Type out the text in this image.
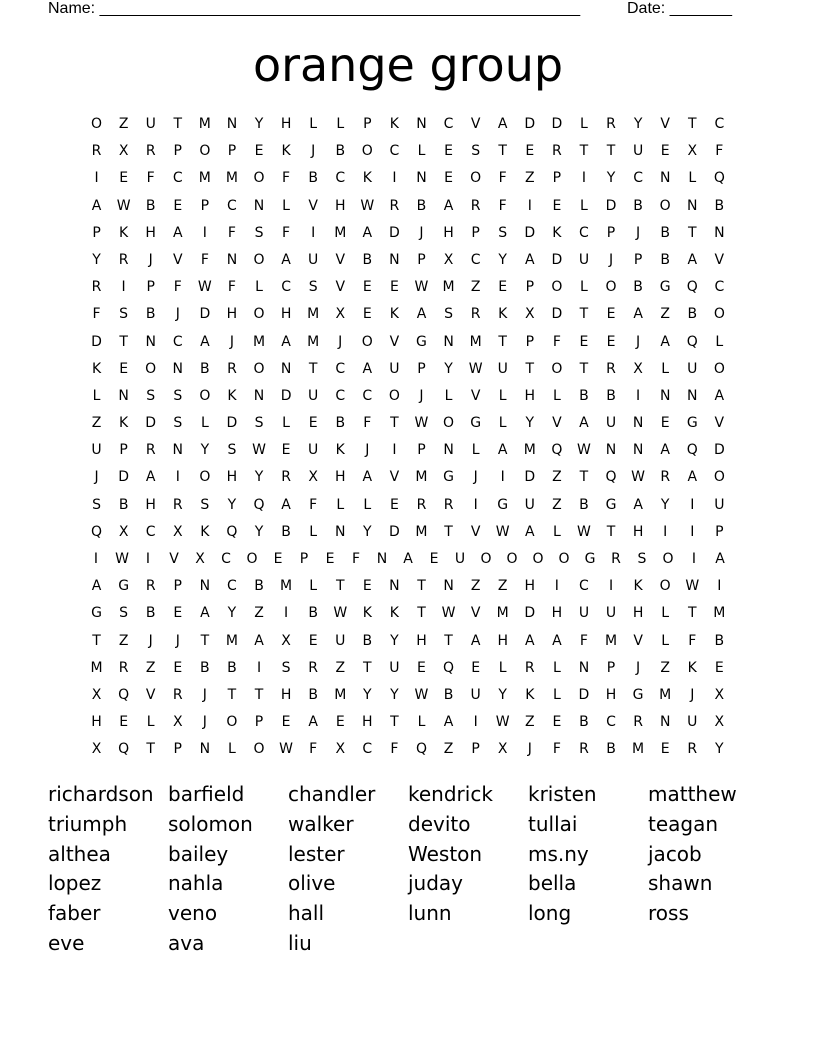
Name: ______________________________________________________	Date: _______
orange group
O	Z	U	T	M	N	Y	H	L	L	P	K	N	C	V	A	D	D	L	R	Y	V	T	C
R	X	R	P	O	P	E	K	J	B	O	C	L	E	S	T	E	R	T	T	U	E	X	F
I	E	F	C	M	M	O	F	B	C	K	I	N	E	O	F	Z	P	I	Y	C	N	L	Q
A	W	B	E	P	C	N	L	V	H	W	R	B	A	R	F	I	E	L	D	B	O	N	B
P	K	H	A	I	F	S	F	I	M	A	D	J	H	P	S	D	K	C	P	J	B	T	N
Y	R	J	V	F	N	O	A	U	V	B	N	P	X	C	Y	A	D	U	J	P	B	A	V
R	I	P	F	W	F	L	C	S	V	E	E	W	M	Z	E	P	O	L	O	B	G	Q	C
F	S	B	J	D	H	O	H	M	X	E	K	A	S	R	K	X	D	T	E	A	Z	B	O
D	T	N	C	A	J	M	A	M	J	O	V	G	N	M	T	P	F	E	E	J	A	Q	L
K	E	O	N	B	R	O	N	T	C	A	U	P	Y	W	U	T	O	T	R	X	L	U	O
L	N	S	S	O	K	N	D	U	C	C	O	J	L	V	L	H	L	B	B	I	N	N	A
Z	K	D	S	L	D	S	L	E	B	F	T	W	O	G	L	Y	V	A	U	N	E	G	V
U	P	R	N	Y	S	W	E	U	K	J	I	P	N	L	A	M	Q	W	N	N	A	Q	D
J	D	A	I	O	H	Y	R	X	H	A	V	M	G	J	I	D	Z	T	Q	W	R	A	O
S	B	H	R	S	Y	Q	A	F	L	L	E	R	R	I	G	U	Z	B	G	A	Y	I	U
Q	X	C	X	K	Q	Y	B	L	N	Y	D	M	T	V	W	A	L	W	T	H	I	I	P
I	W	I	V	X	C	O	E	P	E	F	N	A	E	U	O	O	O	O	G	R	S	O	I	A
A	G	R	P	N	C	B	M	L	T	E	N	T	N	Z	Z	H	I	C	I	K	O	W	I
G	S	B	E	A	Y	Z	I	B	W	K	K	T	W	V	M	D	H	U	U	H	L	T	M
T	Z	J	J	T	M	A	X	E	U	B	Y	H	T	A	H	A	A	F	M	V	L	F	B
M	R	Z	E	B	B	I	S	R	Z	T	U	E	Q	E	L	R	L	N	P	J	Z	K	E
X	Q	V	R	J	T	T	H	B	M	Y	Y	W	B	U	Y	K	L	D	H	G	M	J	X
H	E	L	X	J	O	P	E	A	E	H	T	L	A	I	W	Z	E	B	C	R	N	U	X
X	Q	T	P	N	L	O	W	F	X	C	F	Q	Z	P	X	J	F	R	B	M	E	R	Y
richardson barfield	chandler	kendrick	kristen	matthew
triumph	solomon	walker	devito	tullai	teagan
althea	bailey	lester	Weston	ms.ny	jacob
lopez	nahla	olive	juday	bella	shawn
faber	veno	hall	lunn	long	ross
eve	ava	liu
